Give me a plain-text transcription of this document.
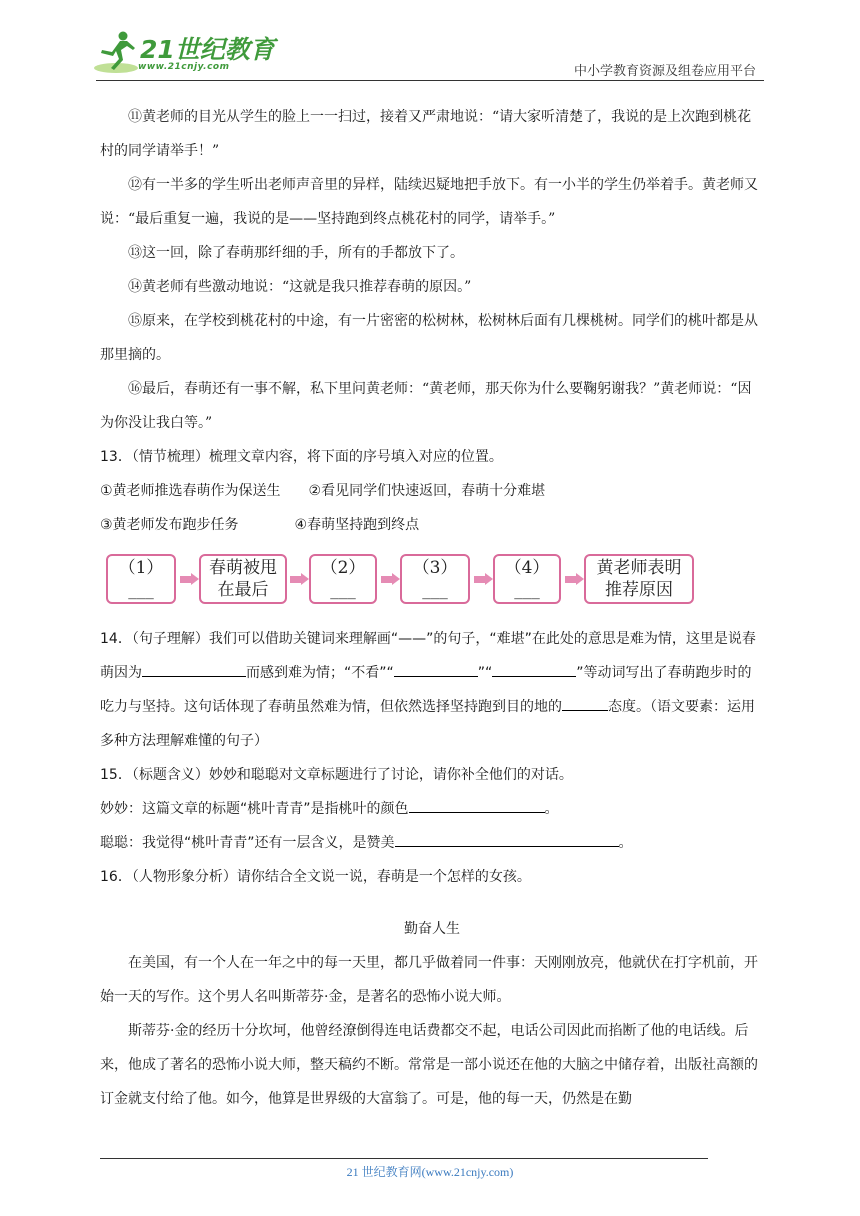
21世纪教育
www.21cnjy.com	中小学教育资源及组卷应用平台

⑪黄老师的目光从学生的脸上一一扫过，接着又严肃地说：“请大家听清楚了，我说的是上次跑到桃花村的同学请举手！”

⑫有一半多的学生听出老师声音里的异样，陆续迟疑地把手放下。有一小半的学生仍举着手。黄老师又说：“最后重复一遍，我说的是——坚持跑到终点桃花村的同学，请举手。”

⑬这一回，除了春萌那纤细的手，所有的手都放下了。

⑭黄老师有些激动地说：“这就是我只推荐春萌的原因。”

⑮原来，在学校到桃花村的中途，有一片密密的松树林，松树林后面有几棵桃树。同学们的桃叶都是从那里摘的。

⑯最后，春萌还有一事不解，私下里问黄老师：“黄老师，那天你为什么要鞠躬谢我？”黄老师说：“因为你没让我白等。”

13．（情节梳理）梳理文章内容，将下面的序号填入对应的位置。

①黄老师推选春萌作为保送生　　②看见同学们快速返回，春萌十分难堪

③黄老师发布跑步任务　　　　④春萌坚持跑到终点

（1）___
春萌被甩
在最后
（2）___
（3）___
（4）___
黄老师表明
推荐原因

14．（句子理解）我们可以借助关键词来理解画“——”的句子，“难堪”在此处的意思是难为情，这里是说春萌因为	而感到难为情；“不看”“	”“	”等动词写出了春萌跑步时的吃力与坚持。这句话体现了春萌虽然难为情，但依然选择坚持跑到目的地的	态度。（语文要素：运用多种方法理解难懂的句子）

15．（标题含义）妙妙和聪聪对文章标题进行了讨论，请你补全他们的对话。

妙妙：这篇文章的标题“桃叶青青”是指桃叶的颜色	。

聪聪：我觉得“桃叶青青”还有一层含义，是赞美	。

16．（人物形象分析）请你结合全文说一说，春萌是一个怎样的女孩。

勤奋人生

在美国，有一个人在一年之中的每一天里，都几乎做着同一件事：天刚刚放亮，他就伏在打字机前，开始一天的写作。这个男人名叫斯蒂芬·金，是著名的恐怖小说大师。

斯蒂芬·金的经历十分坎坷，他曾经潦倒得连电话费都交不起，电话公司因此而掐断了他的电话线。后来，他成了著名的恐怖小说大师，整天稿约不断。常常是一部小说还在他的大脑之中储存着，出版社高额的订金就支付给了他。如今，他算是世界级的大富翁了。可是，他的每一天，仍然是在勤

21 世纪教育网(www.21cnjy.com)
